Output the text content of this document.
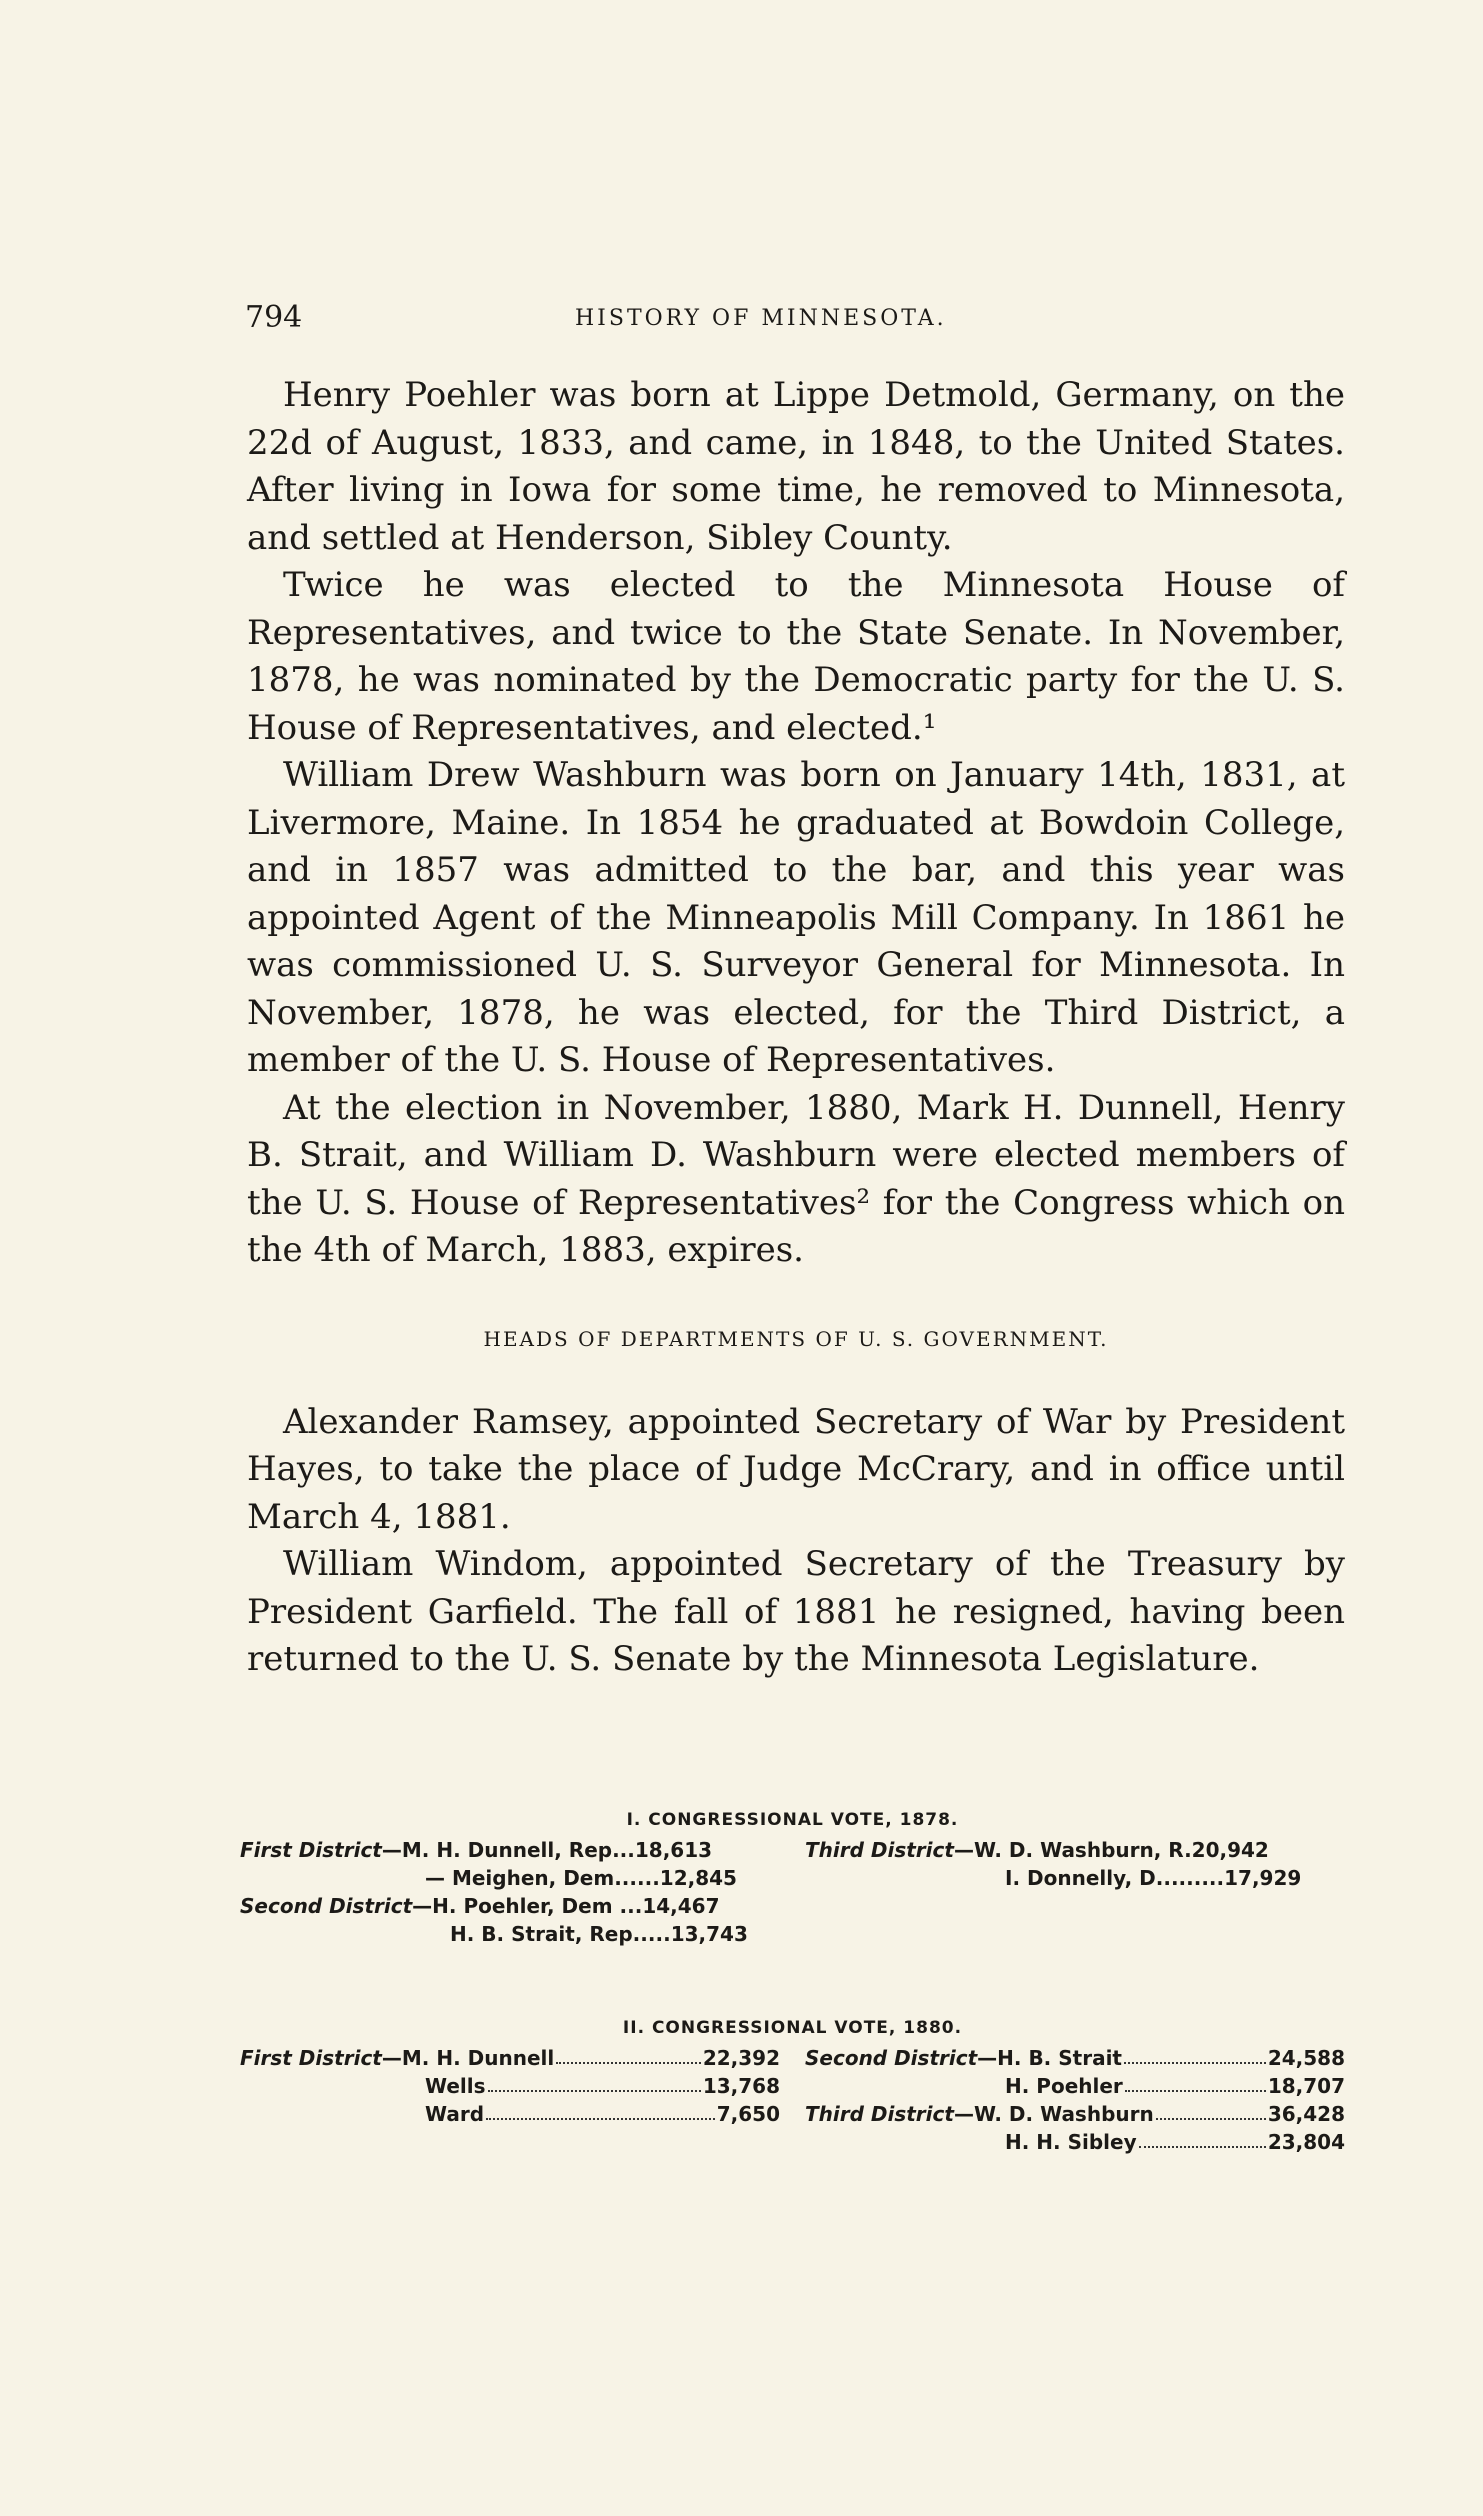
794	HISTORY OF MINNESOTA.

Henry Poehler was born at Lippe Detmold, Germany, on the 22d of August, 1833, and came, in 1848, to the United States. After living in Iowa for some time, he removed to Minnesota, and settled at Henderson, Sibley County.

Twice he was elected to the Minnesota House of Representatives, and twice to the State Senate. In November, 1878, he was nominated by the Democratic party for the U. S. House of Representatives, and elected.¹

William Drew Washburn was born on January 14th, 1831, at Livermore, Maine. In 1854 he graduated at Bowdoin College, and in 1857 was admitted to the bar, and this year was appointed Agent of the Minneapolis Mill Company. In 1861 he was commissioned U. S. Surveyor General for Minnesota. In November, 1878, he was elected, for the Third District, a member of the U. S. House of Representatives.

At the election in November, 1880, Mark H. Dunnell, Henry B. Strait, and William D. Washburn were elected members of the U. S. House of Representatives² for the Congress which on the 4th of March, 1883, expires.

HEADS OF DEPARTMENTS OF U. S. GOVERNMENT.

Alexander Ramsey, appointed Secretary of War by President Hayes, to take the place of Judge McCrary, and in office until March 4, 1881.

William Windom, appointed Secretary of the Treasury by President Garfield. The fall of 1881 he resigned, having been returned to the U. S. Senate by the Minnesota Legislature.

I. CONGRESSIONAL VOTE, 1878.
First District—M. H. Dunnell, Rep... 18,613
— Meighen, Dem...... 12,845
Second District—H. Poehler, Dem ... 14,467
H. B. Strait, Rep..... 13,743
Third District—W. D. Washburn, R. 20,942
I. Donnelly, D......... 17,929
II. CONGRESSIONAL VOTE, 1880.
First District—M. H. Dunnell	22,392
Wells	13,768
Ward	7,650
Second District—H. B. Strait	24,588
H. Poehler	18,707
Third District—W. D. Washburn	36,428
H. H. Sibley	23,804
